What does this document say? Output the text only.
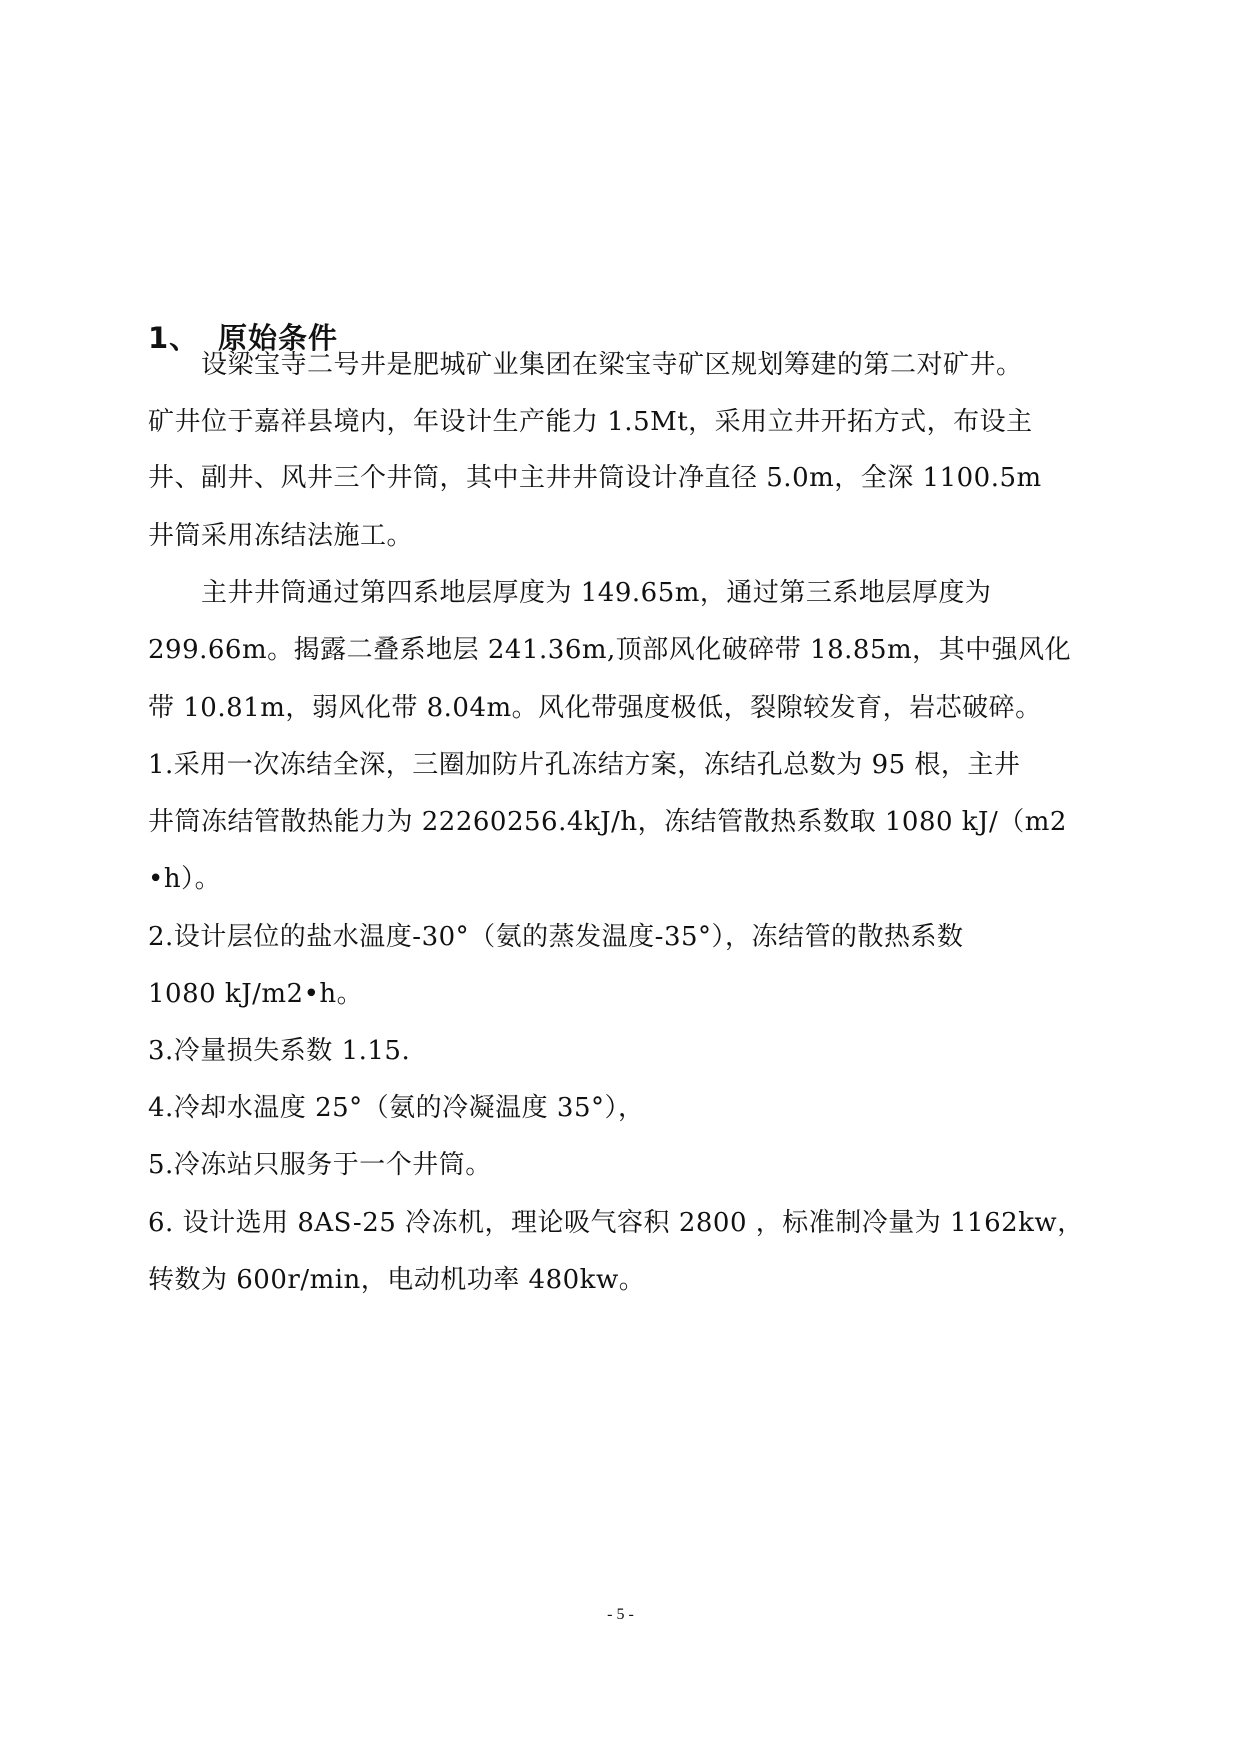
1、 原始条件
　　设梁宝寺二号井是肥城矿业集团在梁宝寺矿区规划筹建的第二对矿井。
矿井位于嘉祥县境内，年设计生产能力 1.5Mt，采用立井开拓方式，布设主
井、副井、风井三个井筒，其中主井井筒设计净直径 5.0m，全深 1100.5m
井筒采用冻结法施工。
　　主井井筒通过第四系地层厚度为 149.65m，通过第三系地层厚度为
299.66m。揭露二叠系地层 241.36m,顶部风化破碎带 18.85m，其中强风化
带 10.81m，弱风化带 8.04m。风化带强度极低，裂隙较发育，岩芯破碎。
1.采用一次冻结全深，三圈加防片孔冻结方案，冻结孔总数为 95 根，主井
井筒冻结管散热能力为 22260256.4kJ/h，冻结管散热系数取 1080 kJ/（m2
•h）。
2.设计层位的盐水温度-30°（氨的蒸发温度-35°），冻结管的散热系数
1080 kJ/m2•h。
3.冷量损失系数 1.15.
4.冷却水温度 25°（氨的冷凝温度 35°），
5.冷冻站只服务于一个井筒。
6. 设计选用 8AS-25 冷冻机，理论吸气容积 2800 ，标准制冷量为 1162kw，
转数为 600r/min，电动机功率 480kw。
- 5 -
